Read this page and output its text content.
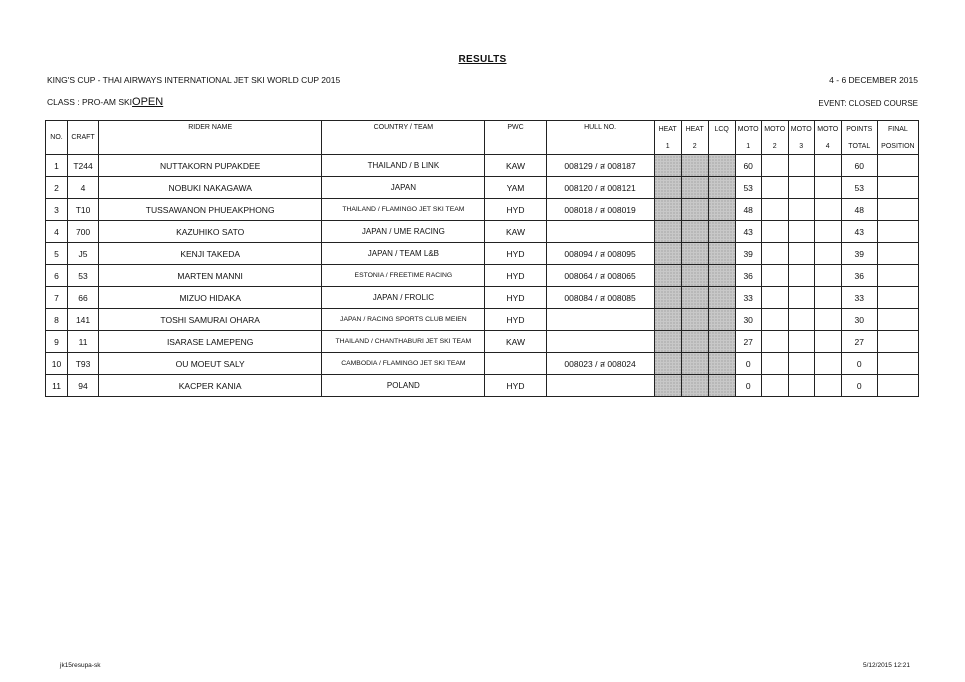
RESULTS
KING'S CUP - THAI AIRWAYS INTERNATIONAL JET SKI WORLD CUP 2015	4 - 6 DECEMBER 2015
CLASS : PRO-AM SKIOPEN	EVENT: CLOSED COURSE
NO.	CRAFT	RIDER NAME	COUNTRY / TEAM	PWC	HULL NO.	HEAT	HEAT	LCQ	MOTO	MOTO	MOTO	MOTO	POINTS	FINAL
						1	2		1	2	3	4	TOTAL	POSITION
1	T244	NUTTAKORN PUPAKDEE	THAILAND / B LINK	KAW	008129 / ส 008187				60				60	
2	4	NOBUKI NAKAGAWA	JAPAN	YAM	008120 / ส 008121				53				53	
3	T10	TUSSAWANON PHUEAKPHONG	THAILAND / FLAMINGO JET SKI TEAM	HYD	008018 / ส 008019				48				48	
4	700	KAZUHIKO SATO	JAPAN / UME RACING	KAW					43				43	
5	J5	KENJI TAKEDA	JAPAN / TEAM L&B	HYD	008094 / ส 008095				39				39	
6	53	MARTEN MANNI	ESTONIA / FREETIME RACING	HYD	008064 / ส 008065				36				36	
7	66	MIZUO HIDAKA	JAPAN / FROLIC	HYD	008084 / ส 008085				33				33	
8	141	TOSHI SAMURAI OHARA	JAPAN / RACING SPORTS CLUB MEIEN	HYD					30				30	
9	11	ISARASE LAMEPENG	THAILAND / CHANTHABURI JET SKI TEAM	KAW					27				27	
10	T93	OU MOEUT SALY	CAMBODIA / FLAMINGO JET SKI TEAM		008023 / ส 008024				0				0	
11	94	KACPER KANIA	POLAND	HYD					0				0	
jk15resupa-sk	5/12/2015 12:21
